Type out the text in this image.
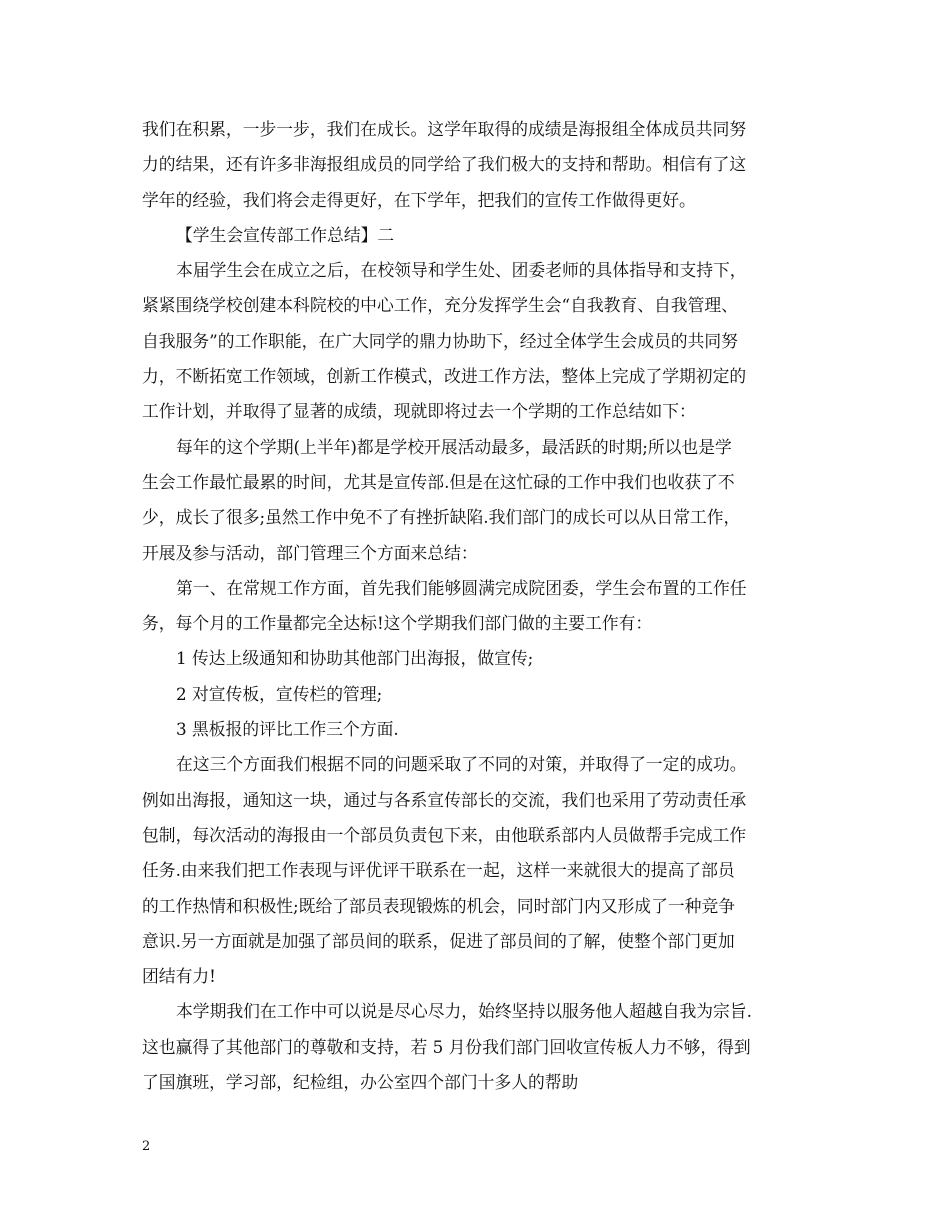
我们在积累，一步一步，我们在成长。这学年取得的成绩是海报组全体成员共同努
力的结果，还有许多非海报组成员的同学给了我们极大的支持和帮助。相信有了这
学年的经验，我们将会走得更好，在下学年，把我们的宣传工作做得更好。
【学生会宣传部工作总结】二
本届学生会在成立之后，在校领导和学生处、团委老师的具体指导和支持下，
紧紧围绕学校创建本科院校的中心工作，充分发挥学生会“自我教育、自我管理、
自我服务”的工作职能，在广大同学的鼎力协助下，经过全体学生会成员的共同努
力，不断拓宽工作领域，创新工作模式，改进工作方法，整体上完成了学期初定的
工作计划，并取得了显著的成绩，现就即将过去一个学期的工作总结如下：
每年的这个学期(上半年)都是学校开展活动最多，最活跃的时期;所以也是学
生会工作最忙最累的时间，尤其是宣传部.但是在这忙碌的工作中我们也收获了不
少，成长了很多;虽然工作中免不了有挫折缺陷.我们部门的成长可以从日常工作，
开展及参与活动，部门管理三个方面来总结：
第一、在常规工作方面，首先我们能够圆满完成院团委，学生会布置的工作任
务，每个月的工作量都完全达标!这个学期我们部门做的主要工作有：
1 传达上级通知和协助其他部门出海报，做宣传;
2 对宣传板，宣传栏的管理;
3 黑板报的评比工作三个方面.
在这三个方面我们根据不同的问题采取了不同的对策，并取得了一定的成功。
例如出海报，通知这一块，通过与各系宣传部长的交流，我们也采用了劳动责任承
包制，每次活动的海报由一个部员负责包下来，由他联系部内人员做帮手完成工作
任务.由来我们把工作表现与评优评干联系在一起，这样一来就很大的提高了部员
的工作热情和积极性;既给了部员表现锻炼的机会，同时部门内又形成了一种竞争
意识.另一方面就是加强了部员间的联系，促进了部员间的了解，使整个部门更加
团结有力!
本学期我们在工作中可以说是尽心尽力，始终坚持以服务他人超越自我为宗旨.
这也赢得了其他部门的尊敬和支持，若 5 月份我们部门回收宣传板人力不够，得到
了国旗班，学习部，纪检组，办公室四个部门十多人的帮助
2
